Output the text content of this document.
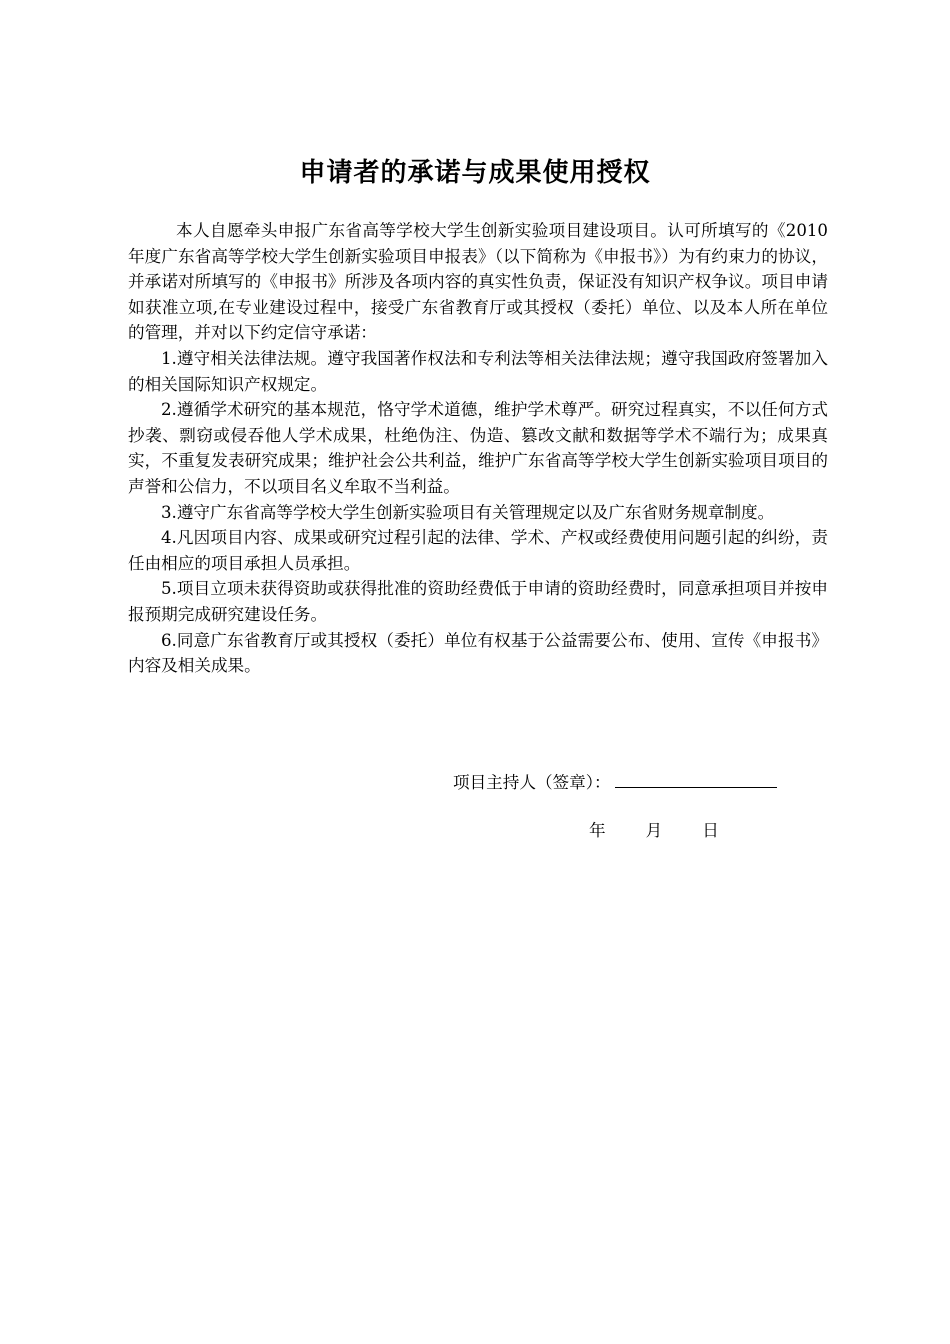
申请者的承诺与成果使用授权

本人自愿牵头申报广东省高等学校大学生创新实验项目建设项目。认可所填写的《2010年度广东省高等学校大学生创新实验项目申报表》（以下简称为《申报书》）为有约束力的协议，并承诺对所填写的《申报书》所涉及各项内容的真实性负责，保证没有知识产权争议。项目申请如获准立项,在专业建设过程中，接受广东省教育厅或其授权（委托）单位、以及本人所在单位的管理，并对以下约定信守承诺：

1.遵守相关法律法规。遵守我国著作权法和专利法等相关法律法规；遵守我国政府签署加入的相关国际知识产权规定。

2.遵循学术研究的基本规范，恪守学术道德，维护学术尊严。研究过程真实，不以任何方式抄袭、剽窃或侵吞他人学术成果，杜绝伪注、伪造、篡改文献和数据等学术不端行为；成果真实，不重复发表研究成果；维护社会公共利益，维护广东省高等学校大学生创新实验项目项目的声誉和公信力，不以项目名义牟取不当利益。

3.遵守广东省高等学校大学生创新实验项目有关管理规定以及广东省财务规章制度。

4.凡因项目内容、成果或研究过程引起的法律、学术、产权或经费使用问题引起的纠纷，责任由相应的项目承担人员承担。

5.项目立项未获得资助或获得批准的资助经费低于申请的资助经费时，同意承担项目并按申报预期完成研究建设任务。

6.同意广东省教育厅或其授权（委托）单位有权基于公益需要公布、使用、宣传《申报书》内容及相关成果。

项目主持人（签章）：
年 月 日
